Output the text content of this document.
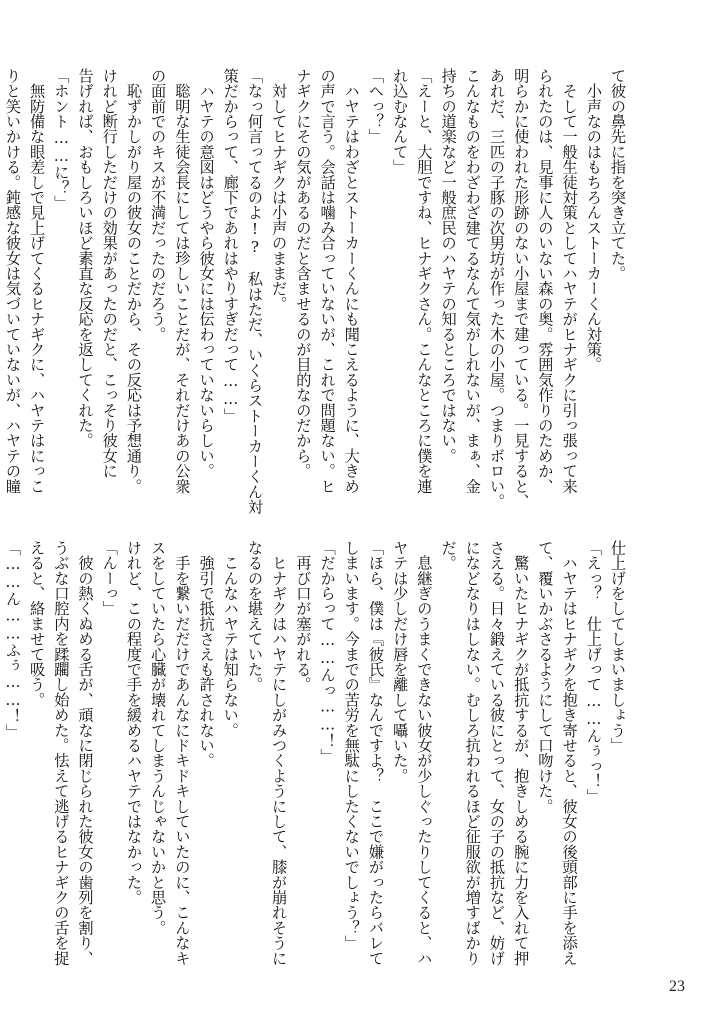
て彼の鼻先に指を突き立てた。
　小声なのはもちろんストーカーくん対策。
　そして一般生徒対策としてハヤテがヒナギクに引っ張って来
られたのは、見事に人のいない森の奥。雰囲気作りのためか、
明らかに使われた形跡のない小屋まで建っている。一見すると、
あれだ、三匹の子豚の次男坊が作った木の小屋。つまりボロい。
こんなものをわざわざ建てるなんて気がしれないが、まぁ、金
持ちの道楽など一般庶民のハヤテの知るところではない。
「えーと、大胆ですね、ヒナギクさん。こんなところに僕を連
れ込むなんて」
「へっ？」
　ハヤテはわざとストーカーくんにも聞こえるように、大きめ
の声で言う。会話は噛み合っていないが、これで問題ない。ヒ
ナギクにその気があるのだと含ませるのが目的なのだから。
　対してヒナギクは小声のままだ。
「なっ何言ってるのよ!?　私はただ、いくらストーカーくん対
策だからって、廊下であれはやりすぎだって……」
　ハヤテの意図はどうやら彼女には伝わっていないらしい。
　聡明な生徒会長にしては珍しいことだが、それだけあの公衆
の面前でのキスが不満だったのだろう。
　恥ずかしがり屋の彼女のことだから、その反応は予想通り。
けれど断行しただけの効果があったのだと、こっそり彼女に
告げれば、おもしろいほど素直な反応を返してくれた。
「ホント……に？」
　無防備な眼差しで見上げてくるヒナギクに、ハヤテはにっこ
りと笑いかける。鈍感な彼女は気づいていないが、ハヤテの瞳
仕上げをしてしまいましょう」
「えっ？　仕上げって……んぅっ！」
　ハヤテはヒナギクを抱き寄せると、彼女の後頭部に手を添え
て、覆いかぶさるようにして口吻けた。
　驚いたヒナギクが抵抗するが、抱きしめる腕に力を入れて押
さえる。日々鍛えている彼にとって、女の子の抵抗など、妨げ
になどなりはしない。むしろ抗われるほど征服欲が増すばかり
だ。
　息継ぎのうまくできない彼女が少しぐったりしてくると、ハ
ヤテは少しだけ唇を離して囁いた。
「ほら、僕は『彼氏』なんですよ？　ここで嫌がったらバレて
しまいます。今までの苦労を無駄にしたくないでしょう？」
「だからって……んっ……！」
　再び口が塞がれる。
　ヒナギクはハヤテにしがみつくようにして、膝が崩れそうに
なるのを堪えていた。
　こんなハヤテは知らない。
　強引で抵抗さえも許されない。
　手を繋いだだけであんなにドキドキしていたのに、こんなキ
スをしていたら心臓が壊れてしまうんじゃないかと思う。
けれど、この程度で手を緩めるハヤテではなかった。
「んーっ」
　彼の熱くぬめる舌が、頑なに閉じられた彼女の歯列を割り、
うぶな口腔内を蹂躙し始めた。怯えて逃げるヒナギクの舌を捉
えると、絡ませて吸う。
「……ん……ふぅ……！」
23
